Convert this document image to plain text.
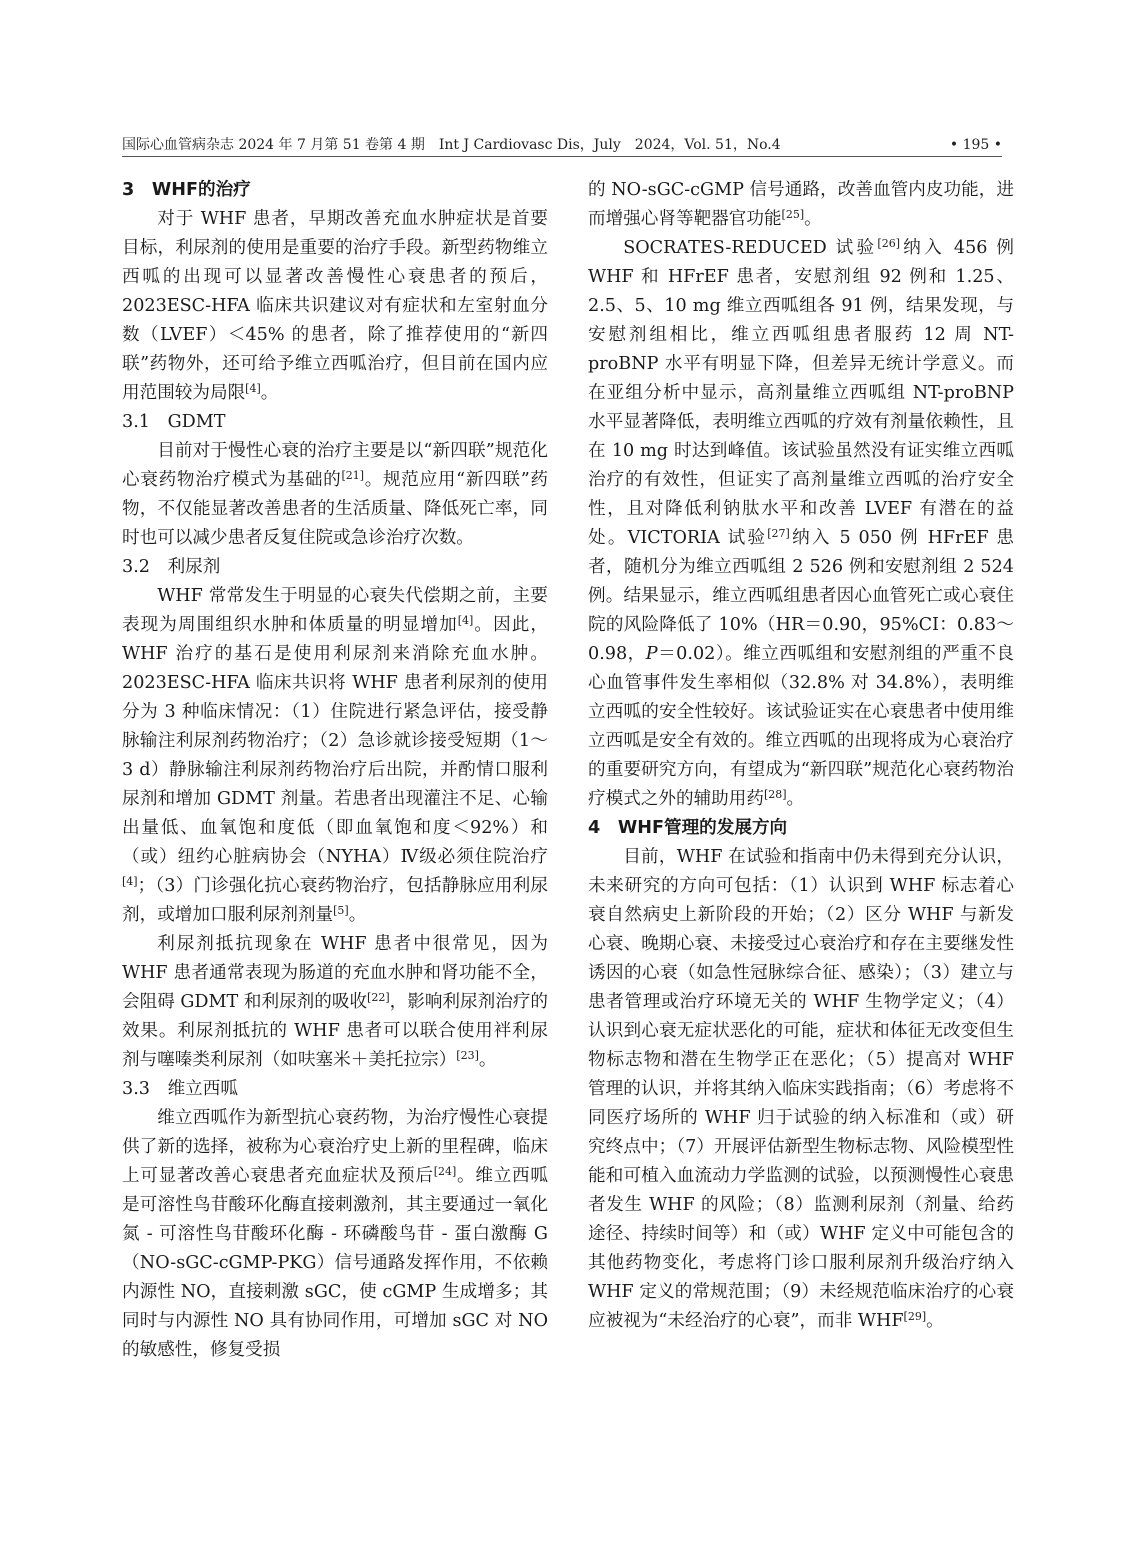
国际心血管病杂志 2024 年 7 月第 51 卷第 4 期　Int J Cardiovasc Dis，July　2024，Vol. 51，No.4	• 195 •
3　WHF的治疗

对于 WHF 患者，早期改善充血水肿症状是首要目标，利尿剂的使用是重要的治疗手段。新型药物维立西呱的出现可以显著改善慢性心衰患者的预后，2023ESC-HFA 临床共识建议对有症状和左室射血分数（LVEF）＜45% 的患者，除了推荐使用的“新四联”药物外，还可给予维立西呱治疗，但目前在国内应用范围较为局限[4]。

3.1　GDMT

目前对于慢性心衰的治疗主要是以“新四联”规范化心衰药物治疗模式为基础的[21]。规范应用“新四联”药物，不仅能显著改善患者的生活质量、降低死亡率，同时也可以减少患者反复住院或急诊治疗次数。

3.2　利尿剂

WHF 常常发生于明显的心衰失代偿期之前，主要表现为周围组织水肿和体质量的明显增加[4]。因此，WHF 治疗的基石是使用利尿剂来消除充血水肿。2023ESC-HFA 临床共识将 WHF 患者利尿剂的使用分为 3 种临床情况：（1）住院进行紧急评估，接受静脉输注利尿剂药物治疗；（2）急诊就诊接受短期（1～3 d）静脉输注利尿剂药物治疗后出院，并酌情口服利尿剂和增加 GDMT 剂量。若患者出现灌注不足、心输出量低、血氧饱和度低（即血氧饱和度＜92%）和（或）纽约心脏病协会（NYHA）Ⅳ级必须住院治疗[4]；（3）门诊强化抗心衰药物治疗，包括静脉应用利尿剂，或增加口服利尿剂剂量[5]。

利尿剂抵抗现象在 WHF 患者中很常见，因为 WHF 患者通常表现为肠道的充血水肿和肾功能不全，会阻碍 GDMT 和利尿剂的吸收[22]，影响利尿剂治疗的效果。利尿剂抵抗的 WHF 患者可以联合使用袢利尿剂与噻嗪类利尿剂（如呋塞米＋美托拉宗）[23]。

3.3　维立西呱

维立西呱作为新型抗心衰药物，为治疗慢性心衰提供了新的选择，被称为心衰治疗史上新的里程碑，临床上可显著改善心衰患者充血症状及预后[24]。维立西呱是可溶性鸟苷酸环化酶直接刺激剂，其主要通过一氧化氮 - 可溶性鸟苷酸环化酶 - 环磷酸鸟苷 - 蛋白激酶 G（NO-sGC-cGMP-PKG）信号通路发挥作用，不依赖内源性 NO，直接刺激 sGC，使 cGMP 生成增多；其同时与内源性 NO 具有协同作用，可增加 sGC 对 NO 的敏感性，修复受损

的 NO-sGC-cGMP 信号通路，改善血管内皮功能，进而增强心肾等靶器官功能[25]。

SOCRATES-REDUCED 试验[26]纳入 456 例 WHF 和 HFrEF 患者，安慰剂组 92 例和 1.25、2.5、5、10 mg 维立西呱组各 91 例，结果发现，与安慰剂组相比，维立西呱组患者服药 12 周 NT-proBNP 水平有明显下降，但差异无统计学意义。而在亚组分析中显示，高剂量维立西呱组 NT-proBNP 水平显著降低，表明维立西呱的疗效有剂量依赖性，且在 10 mg 时达到峰值。该试验虽然没有证实维立西呱治疗的有效性，但证实了高剂量维立西呱的治疗安全性，且对降低利钠肽水平和改善 LVEF 有潜在的益处。VICTORIA 试验[27]纳入 5 050 例 HFrEF 患者，随机分为维立西呱组 2 526 例和安慰剂组 2 524 例。结果显示，维立西呱组患者因心血管死亡或心衰住院的风险降低了 10%（HR＝0.90，95%CI：0.83～0.98，P＝0.02）。维立西呱组和安慰剂组的严重不良心血管事件发生率相似（32.8% 对 34.8%），表明维立西呱的安全性较好。该试验证实在心衰患者中使用维立西呱是安全有效的。维立西呱的出现将成为心衰治疗的重要研究方向，有望成为“新四联”规范化心衰药物治疗模式之外的辅助用药[28]。

4　WHF管理的发展方向

目前，WHF 在试验和指南中仍未得到充分认识，未来研究的方向可包括：（1）认识到 WHF 标志着心衰自然病史上新阶段的开始；（2）区分 WHF 与新发心衰、晚期心衰、未接受过心衰治疗和存在主要继发性诱因的心衰（如急性冠脉综合征、感染）；（3）建立与患者管理或治疗环境无关的 WHF 生物学定义；（4）认识到心衰无症状恶化的可能，症状和体征无改变但生物标志物和潜在生物学正在恶化；（5）提高对 WHF 管理的认识，并将其纳入临床实践指南；（6）考虑将不同医疗场所的 WHF 归于试验的纳入标准和（或）研究终点中；（7）开展评估新型生物标志物、风险模型性能和可植入血流动力学监测的试验，以预测慢性心衰患者发生 WHF 的风险；（8）监测利尿剂（剂量、给药途径、持续时间等）和（或）WHF 定义中可能包含的其他药物变化，考虑将门诊口服利尿剂升级治疗纳入 WHF 定义的常规范围；（9）未经规范临床治疗的心衰应被视为“未经治疗的心衰”，而非 WHF[29]。
